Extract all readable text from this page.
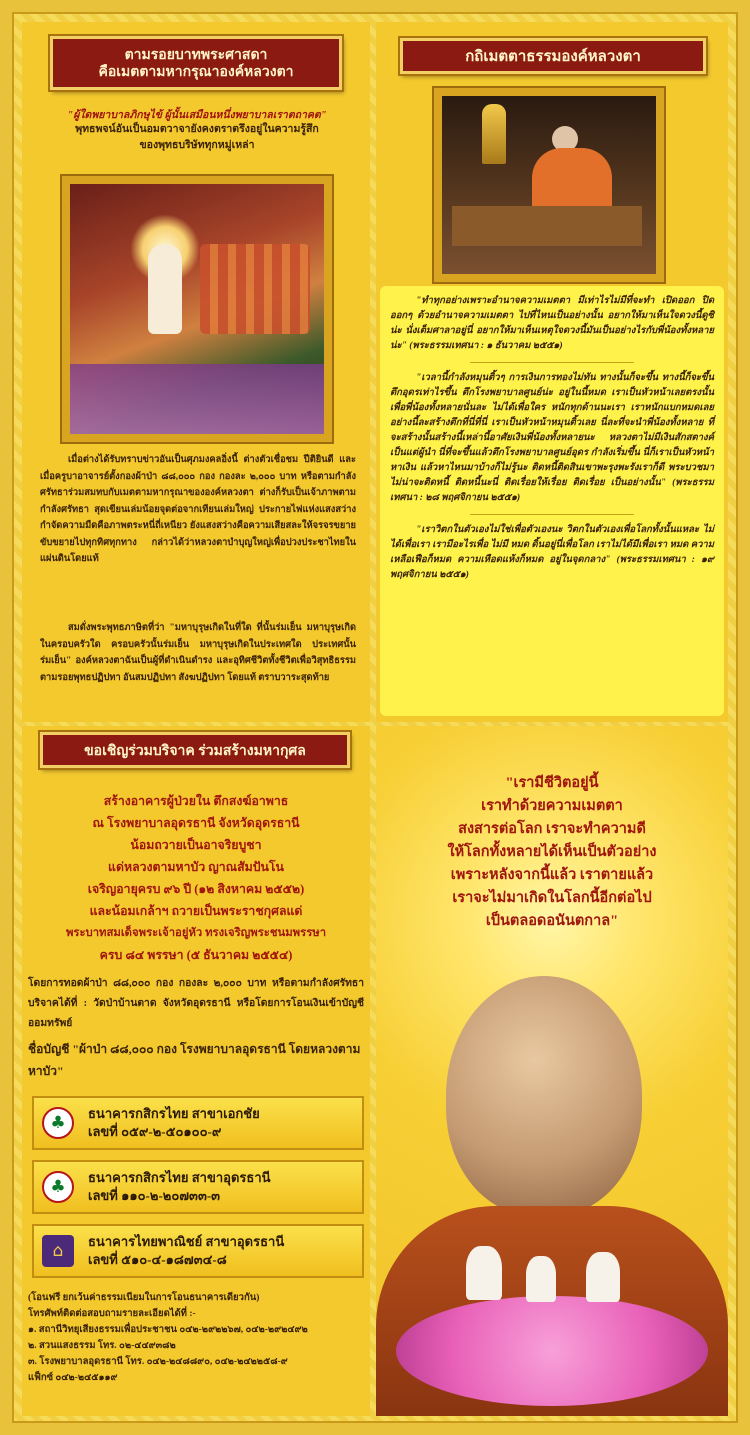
ตามรอยบาทพระศาสดา
คือเมตตามหากรุณาองค์หลวงตา
"ผู้ใดพยาบาลภิกษุไข้ ผู้นั้นเสมือนหนึ่งพยาบาลเราตถาคต"
พุทธพจน์อันเป็นอมตวาจายังคงตราตรึงอยู่ในความรู้สึก
ของพุทธบริษัททุกหมู่เหล่า
เมื่อต่างได้รับทราบข่าวอันเป็นศุภมงคลอิ่งนี้ ต่างตัวเชื่อชม ปีติยินดี และเมื่อครูบาอาจารย์ตั้งกองผ้าป่า ๘๘,๐๐๐ กอง กองละ ๒,๐๐๐ บาท หรือตามกำลังศรัทธาร่วมสมทบกับเมตตามหากรุณาขององค์หลวงตา ต่างก็รับเป็นเจ้าภาพตามกำลังศรัทธา สุดเขียนเล่มน้อยจุดต่อจากเทียนเล่มใหญ่ ประกายไฟแห่งแสงสว่างกำจัดความมืดคือภาพตระหนี่ถี่เหนียว ยังแสงสว่างคือความเสียสละให้จรจรขยายขับขยายไปทุกทิศทุกทาง กล่าวได้ว่าหลวงตาบำบุญใหญ่เพื่อปวงประชาไทยในแผ่นดินโดยแท้
สมดั่งพระพุทธภาษิตที่ว่า "มหาบุรุษเกิดในที่ใด ที่นั้นร่มเย็น มหาบุรุษเกิดในครอบครัวใด ครอบครัวนั้นร่มเย็น มหาบุรุษเกิดในประเทศใด ประเทศนั้นร่มเย็น" องค์หลวงตาฉันเป็นผู้ที่ดำเนินดำรง และอุทิศชีวิตทั้งชีวิตเพื่อวิสุทธิธรรม ตามรอยพุทธปฏิปทา อันสมปฏิปทา สังฆปฏิปทา โดยแท้ ตราบวาระสุดท้าย
กถิเมตตาธรรมองค์หลวงตา
"ทำทุกอย่างเพราะอำนาจความเมตตา มีเท่าไรไม่มีที่จะทำ เปิดออก ปิดออกๆ ด้วยอำนาจความเมตตา ไปที่ไหนเป็นอย่างนั้น อยากให้มาเห็นใจดวงนี้ดูซิน่ะ นั่งเต็มศาลาอยู่นี่ อยากให้มาเห็นเหตุใจดวงนี้มันเป็นอย่างไรกับพี่น้องทั้งหลายน่ะ" (พระธรรมเทศนา : ๑ ธันวาคม ๒๕๕๑)
"เวลานี้กำลังหมุนติ้วๆ การเงินการทองไม่ทัน ทางนั้นก็จะขึ้น ทางนี้ก็จะขึ้น ตึกอุดรเท่าไรขึ้น ตึกโรงพยาบาลศูนย์น่ะ อยู่ในนี้หมด เราเป็นหัวหน้าเลยตรงนั้น เพื่อพี่น้องทั้งหลายนั่นละ ไม่ได้เพื่อใคร หนักทุกด้านนะเรา เราหนักแบกหมดเลย อย่างนี้ละสร้างตึกที่นี่ที่นี่ เราเป็นหัวหน้าหมุนติ้วเลย นี่ละที่จะนำพี่น้องทั้งหลาย ที่จะสร้างนั้นสร้างนี้เหล่านี้อาศัยเงินพี่น้องทั้งหลายนะ หลวงตาไม่มีเงินสักสตางค์ เป็นแต่ผู้นำ นี่ที่จะขึ้นแล้วตึกโรงพยาบาลศูนย์อุดร กำลังเริ่มขึ้น นี่ก็เราเป็นหัวหน้าหาเงิน แล้วหาไหนมาบ้างก็ไม่รู้นะ ติดหนี้ติดสินเขาพะรุงพะรังเราก็ดี พระบวชมาไม่น่าจะติดหนี้ ติดหนี้นะนี่ ติดเรื่อยให้เรื่อย ติดเรื่อย เป็นอย่างนั้น" (พระธรรมเทศนา : ๒๘ พฤศจิกายน ๒๕๕๑)
"เราวิตกในตัวเองไม่ใช่เพื่อตัวเองนะ วิตกในตัวเองเพื่อโลกทั้งนั้นแหละ ไม่ได้เพื่อเรา เรามีอะไรเพื่อ ไม่มี หมด ดิ้นอยู่นี่เพื่อโลก เราไม่ได้มีเพื่อเรา หมด ความเหลือเฟือก็หมด ความเหือดแห้งก็หมด อยู่ในจุดกลาง" (พระธรรมเทศนา : ๑๙ พฤศจิกายน ๒๕๕๑)
ขอเชิญร่วมบริจาค ร่วมสร้างมหากุศล
สร้างอาคารผู้ป่วยใน ตึกสงฆ์อาพาธ
ณ โรงพยาบาลอุดรธานี จังหวัดอุดรธานี
น้อมถวายเป็นอาจริยบูชา
แด่หลวงตามหาบัว ญาณสัมปันโน
เจริญอายุครบ ๙๖ ปี (๑๒ สิงหาคม ๒๕๕๒)
และน้อมเกล้าฯ ถวายเป็นพระราชกุศลแด่
พระบาทสมเด็จพระเจ้าอยู่หัว ทรงเจริญพระชนมพรรษา
ครบ ๘๔ พรรษา (๕ ธันวาคม ๒๕๕๔)
โดยการทอดผ้าป่า ๘๘,๐๐๐ กอง กองละ ๒,๐๐๐ บาท หรือตามกำลังศรัทธา บริจาคได้ที่ : วัดป่าบ้านตาด จังหวัดอุดรธานี หรือโดยการโอนเงินเข้าบัญชีออมทรัพย์
ชื่อบัญชี "ผ้าป่า ๘๘,๐๐๐ กอง โรงพยาบาลอุดรธานี โดยหลวงตามหาบัว"
♣	ธนาคารกสิกรไทย สาขาเอกชัย
เลขที่ ๐๕๙-๒-๕๐๑๐๐-๙
♣	ธนาคารกสิกรไทย สาขาอุดรธานี
เลขที่ ๑๑๐-๒-๒๐๗๓๓-๓
⌂	ธนาคารไทยพาณิชย์ สาขาอุดรธานี
เลขที่ ๕๑๐-๔-๑๘๗๓๔-๘
(โอนฟรี ยกเว้นค่าธรรมเนียมในการโอนธนาคารเดียวกัน)
โทรศัพท์ติดต่อสอบถามรายละเอียดได้ที่ :-
๑. สถานีวิทยุเสียงธรรมเพื่อประชาชน ๐๔๒-๒๙๒๒๖๗, ๐๔๒-๒๙๒๔๙๒
๒. สวนแสงธรรม โทร. ๐๒-๔๔๙๓๘๒
๓. โรงพยาบาลอุดรธานี โทร. ๐๔๒-๒๔๘๘๙๐, ๐๔๒-๒๔๒๒๕๘-๙
แฟ็กซ์ ๐๔๒-๒๔๕๑๑๙
"เรามีชีวิตอยู่นี้
เราทำด้วยความเมตตา
สงสารต่อโลก เราจะทำความดี
ให้โลกทั้งหลายได้เห็นเป็นตัวอย่าง
เพราะหลังจากนี้แล้ว เราตายแล้ว
เราจะไม่มาเกิดในโลกนี้อีกต่อไป
เป็นตลอดอนันตกาล"
